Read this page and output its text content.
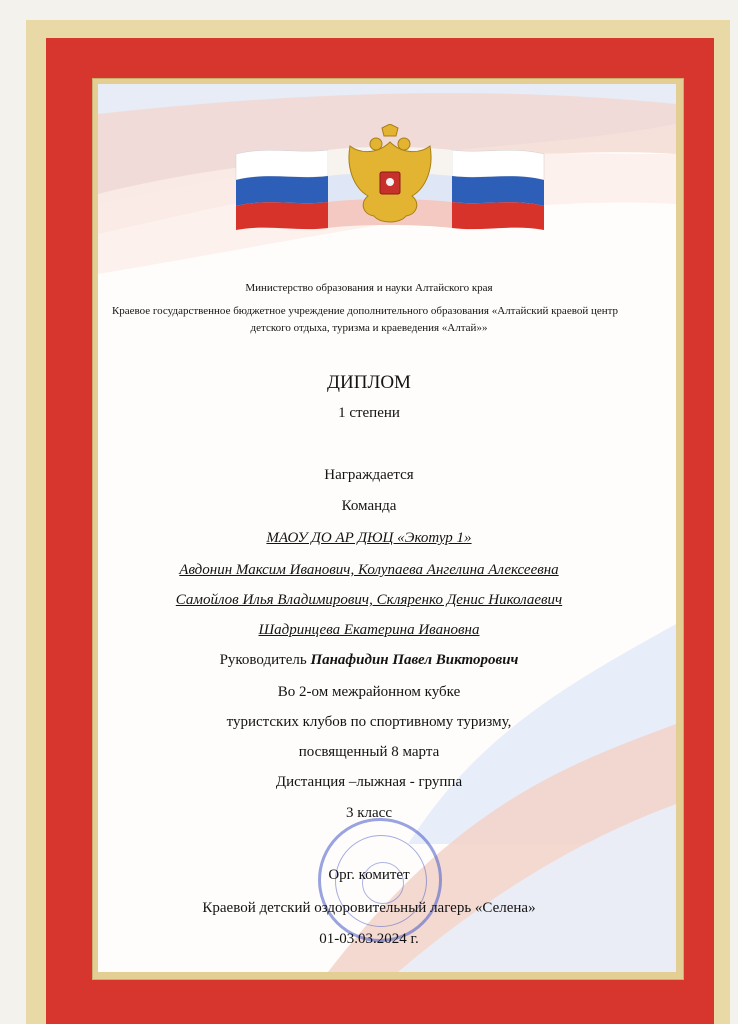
Министерство образования и науки Алтайского края
Краевое государственное бюджетное учреждение дополнительного образования «Алтайский краевой центр
детского отдыха, туризма и краеведения «Алтай»»
ДИПЛОМ
1 степени
Награждается
Команда
МАОУ ДО АР ДЮЦ «Экотур 1»
Авдонин Максим Иванович, Колупаева Ангелина Алексеевна
Самойлов Илья Владимирович, Скляренко Денис Николаевич
Шадринцева Екатерина Ивановна
Руководитель Панафидин Павел Викторович
Во 2-ом межрайонном кубке
туристских клубов по спортивному туризму,
посвященный 8 марта
Дистанция –лыжная - группа
3 класс
Орг. комитет
Краевой детский оздоровительный лагерь «Селена»
01-03.03.2024 г.
